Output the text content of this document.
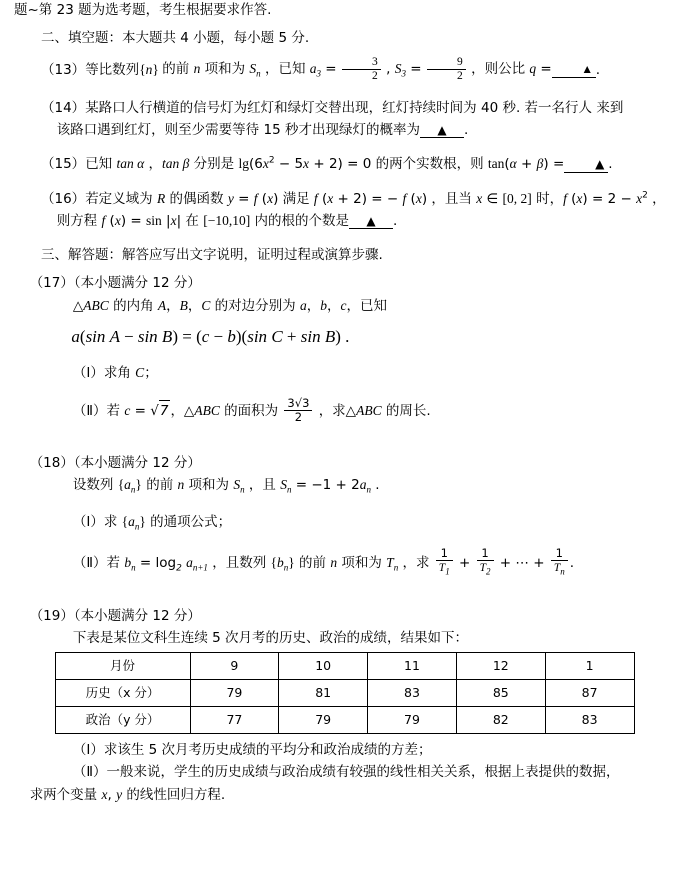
题~第 23 题为选考题，考生根据要求作答.
二、填空题：本大题共 4 小题，每小题 5 分.
（13）等比数列{n} 的前 n 项和为 $S_n$ ，已知 $a_3 = \frac{3}{2}$ , $S_3 = \frac{9}{2}$ ，则公比 q = ▲ .
（14）某路口人行横道的信号灯为红灯和绿灯交替出现，红灯持续时间为 40 秒. 若一名行人 来到
该路口遇到红灯，则至少需要等待 15 秒才出现绿灯的概率为 ▲ .
（15）已知 tan α ，tan β 分别是 $\lg(6x^2 - 5x + 2) = 0$ 的两个实数根，则 tan(α + β) =	▲ .
（16）若定义域为 R 的偶函数 y = f (x) 满足 f (x + 2) = − f (x) ，且当 x ∈ [0, 2] 时，f $(x) = 2 - x^2$ ，
则方程 f (x) = sin |x| 在 [−10,10] 内的根的个数是 ▲ .
三、解答题：解答应写出文字说明，证明过程或演算步骤.
（17）（本小题满分 12 分）
△ABC 的内角 A，B，C 的对边分别为 a，b，c，已知
a(sin A − sin B) = (c − b)(sin C + sin B) .
（Ⅰ）求角 C；
（Ⅱ）若 c = √7 ，△ABC 的面积为 $\frac{3√3}{2}$ ，求△ABC 的周长.
（18）（本小题满分 12 分）
设数列 $\{a_n\}$ 的前 n 项和为 $S_n$ ，且 $S_n = -1 + 2a_n$ .
（Ⅰ）求 $\{a_n\}$ 的通项公式；
（Ⅱ）若 $b_n = \log_2 a_{n+1}$ ，且数列 $\{b_n\}$ 的前 n 项和为 $T_n$ ，求 $\frac{1}{T_1} + \frac{1}{T_2}$ + ⋯ + $\frac{1}{T_n}$ .
（19）（本小题满分 12 分）
下表是某位文科生连续 5 次月考的历史、政治的成绩，结果如下：
月份	9	10	11	12	1
历史（x 分）	79	81	83	85	87
政治（y 分）	77	79	79	82	83
（Ⅰ）求该生 5 次月考历史成绩的平均分和政治成绩的方差；
（Ⅱ）一般来说，学生的历史成绩与政治成绩有较强的线性相关关系，根据上表提供的数据，
求两个变量 x, y 的线性回归方程.
